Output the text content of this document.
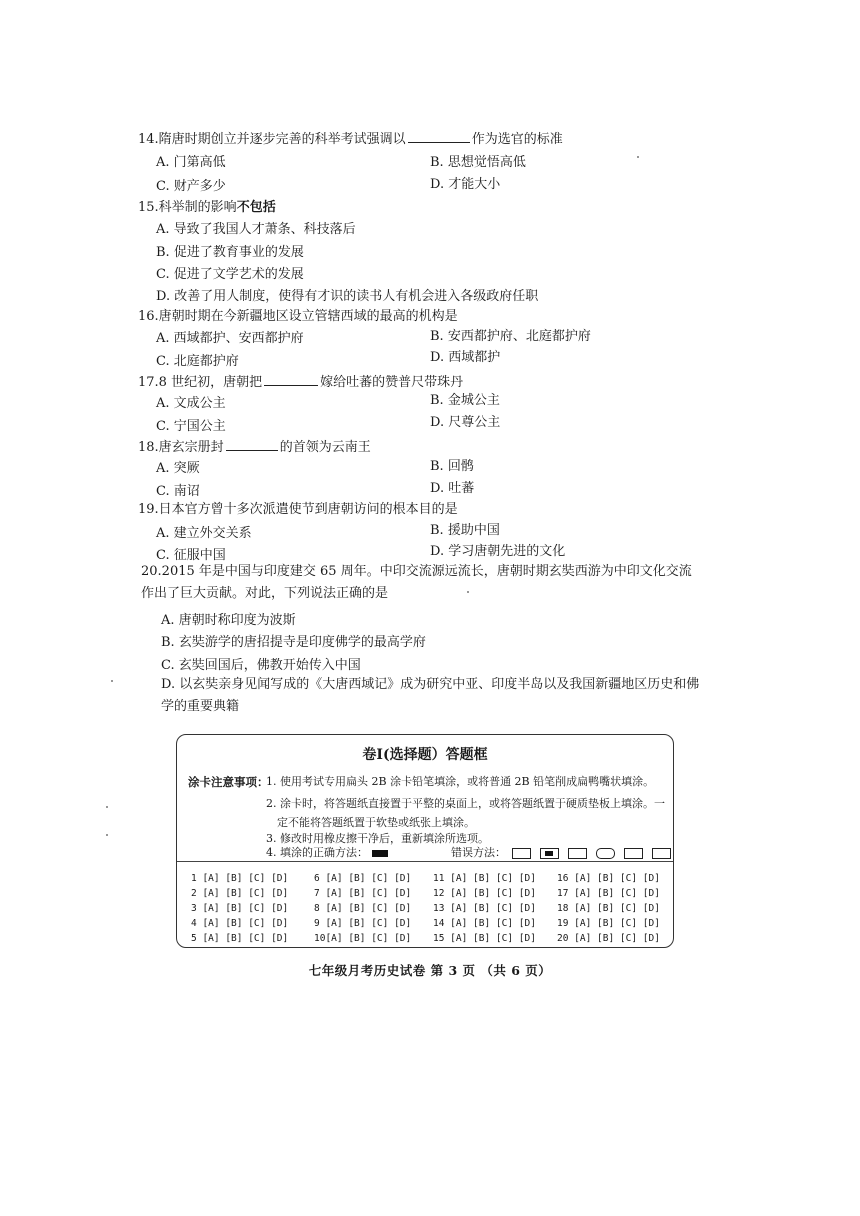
14.隋唐时期创立并逐步完善的科举考试强调以	作为选官的标准
A. 门第高低	B. 思想觉悟高低
C. 财产多少	D. 才能大小
15.科举制的影响不包括
A. 导致了我国人才萧条、科技落后
B. 促进了教育事业的发展
C. 促进了文学艺术的发展
D. 改善了用人制度，使得有才识的读书人有机会进入各级政府任职
16.唐朝时期在今新疆地区设立管辖西域的最高的机构是
A. 西域都护、安西都护府	B. 安西都护府、北庭都护府
C. 北庭都护府	D. 西域都护
17.8 世纪初，唐朝把	嫁给吐蕃的赞普尺带珠丹
A. 文成公主	B. 金城公主
C. 宁国公主	D. 尺尊公主
18.唐玄宗册封	的首领为云南王
A. 突厥	B. 回鹘
C. 南诏	D. 吐蕃
19.日本官方曾十多次派遣使节到唐朝访问的根本目的是
A. 建立外交关系	B. 援助中国
C. 征服中国	D. 学习唐朝先进的文化
20.2015 年是中国与印度建交 65 周年。中印交流源远流长，唐朝时期玄奘西游为中印文化交流作出了巨大贡献。对此，下列说法正确的是
A. 唐朝时称印度为波斯
B. 玄奘游学的唐招提寺是印度佛学的最高学府
C. 玄奘回国后，佛教开始传入中国
D. 以玄奘亲身见闻写成的《大唐西域记》成为研究中亚、印度半岛以及我国新疆地区历史和佛学的重要典籍
卷Ⅰ(选择题）答题框
涂卡注意事项：
1. 使用考试专用扁头 2B 涂卡铅笔填涂，或将普通 2B 铅笔削成扁鸭嘴状填涂。
2. 涂卡时，将答题纸直接置于平整的桌面上，或将答题纸置于硬质垫板上填涂。一
定不能将答题纸置于软垫或纸张上填涂。
3. 修改时用橡皮擦干净后，重新填涂所选项。
4. 填涂的正确方法：	错误方法：
1 [A] [B] [C] [D]
2 [A] [B] [C] [D]
3 [A] [B] [C] [D]
4 [A] [B] [C] [D]
5 [A] [B] [C] [D]
6 [A] [B] [C] [D]
7 [A] [B] [C] [D]
8 [A] [B] [C] [D]
9 [A] [B] [C] [D]
10[A] [B] [C] [D]
11 [A] [B] [C] [D]
12 [A] [B] [C] [D]
13 [A] [B] [C] [D]
14 [A] [B] [C] [D]
15 [A] [B] [C] [D]
16 [A] [B] [C] [D]
17 [A] [B] [C] [D]
18 [A] [B] [C] [D]
19 [A] [B] [C] [D]
20 [A] [B] [C] [D]
七年级月考历史试卷 第 3 页 （共 6 页）
